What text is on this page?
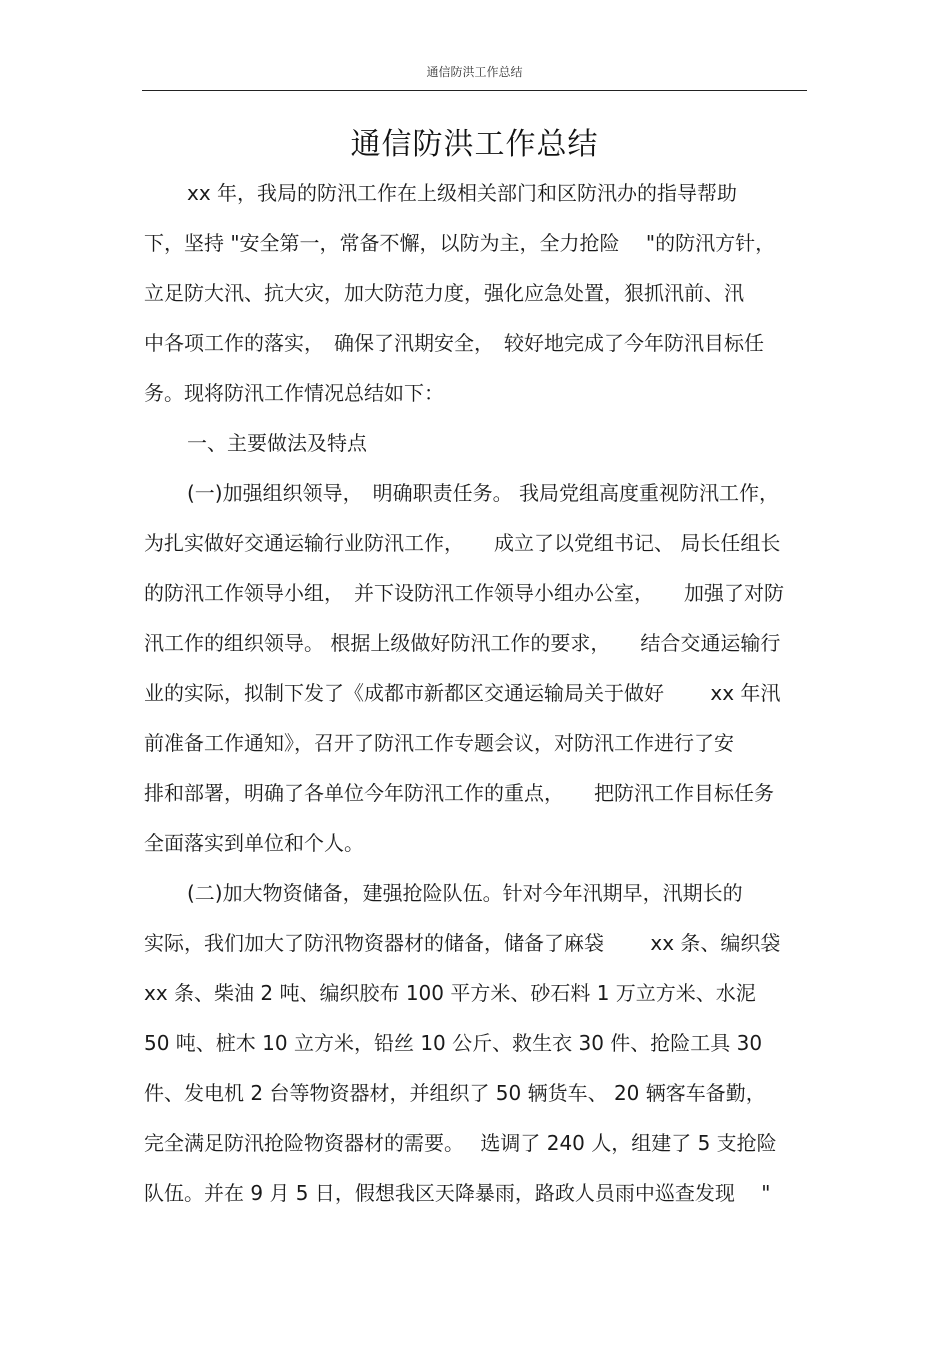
通信防洪工作总结
通信防洪工作总结
xx 年，我局的防汛工作在上级相关部门和区防汛办的指导帮助
下，坚持 "安全第一，常备不懈，以防为主，全力抢险　 "的防汛方针，
立足防大汛、抗大灾，加大防范力度，强化应急处置，狠抓汛前、汛
中各项工作的落实，　确保了汛期安全，　较好地完成了今年防汛目标任
务。现将防汛工作情况总结如下：
一、主要做法及特点
(一)加强组织领导，　明确职责任务。 我局党组高度重视防汛工作，
为扎实做好交通运输行业防汛工作，　　成立了以党组书记、 局长任组长
的防汛工作领导小组，　并下设防汛工作领导小组办公室，　　加强了对防
汛工作的组织领导。 根据上级做好防汛工作的要求，　　结合交通运输行
业的实际，拟制下发了《成都市新都区交通运输局关于做好　　 xx 年汛
前准备工作通知》，召开了防汛工作专题会议，对防汛工作进行了安
排和部署，明确了各单位今年防汛工作的重点，　　把防汛工作目标任务
全面落实到单位和个人。
(二)加大物资储备，建强抢险队伍。针对今年汛期早，汛期长的
实际，我们加大了防汛物资器材的储备，储备了麻袋　　 xx 条、编织袋
xx 条、柴油 2 吨、编织胶布 100 平方米、砂石料 1 万立方米、水泥
50 吨、桩木 10 立方米，铅丝 10 公斤、救生衣 30 件、抢险工具 30
件、发电机 2 台等物资器材，并组织了 50 辆货车、 20 辆客车备勤，
完全满足防汛抢险物资器材的需要。　 选调了 240 人，组建了 5 支抢险
队伍。并在 9 月 5 日，假想我区天降暴雨，路政人员雨中巡查发现　 "
